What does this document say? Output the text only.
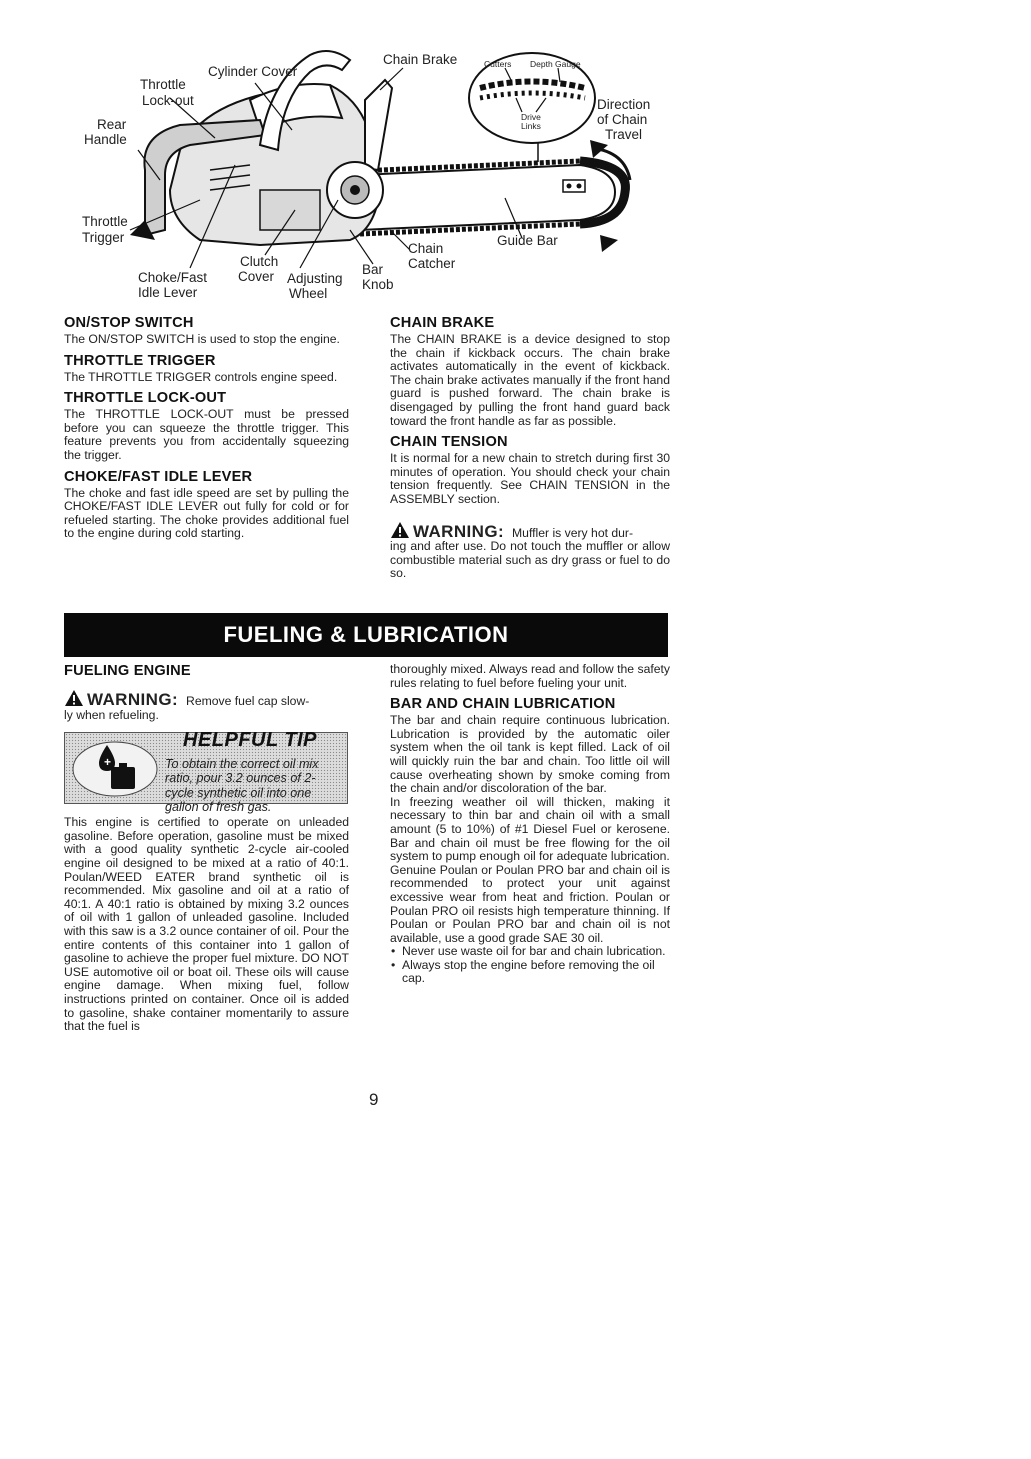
Cylinder Cover
Throttle
Lock-out
Rear
Handle
Throttle
Trigger
Clutch
Cover
Choke/Fast
Idle Lever
Adjusting
Wheel
Bar
Knob
Chain
Catcher
Guide Bar
Chain Brake
Direction
of Chain
Travel
Cutters Depth Gauge
Drive
Links
ON/STOP SWITCH

The ON/STOP SWITCH is used to stop the engine.

THROTTLE TRIGGER

The THROTTLE TRIGGER controls engine speed.

THROTTLE LOCK-OUT

The THROTTLE LOCK-OUT must be pressed before you can squeeze the throttle trigger. This feature prevents you from accidentally squeezing the trigger.

CHOKE/FAST IDLE LEVER

The choke and fast idle speed are set by pulling the CHOKE/FAST IDLE LEVER out fully for cold or for refueled starting. The choke provides additional fuel to the engine during cold starting.

CHAIN BRAKE

The CHAIN BRAKE is a device designed to stop the chain if kickback occurs. The chain brake activates automatically in the event of kickback. The chain brake activates manually if the front hand guard is pushed forward. The chain brake is disengaged by pulling the front hand guard back toward the front handle as far as possible.

CHAIN TENSION

It is normal for a new chain to stretch during first 30 minutes of operation. You should check your chain tension frequently. See CHAIN TENSION in the ASSEMBLY section.

WARNING: Muffler is very hot dur-

ing and after use. Do not touch the muffler or allow combustible material such as dry grass or fuel to do so.

FUELING & LUBRICATION
FUELING ENGINE
WARNING: Remove fuel cap slow-

ly when refueling.

+
HELPFUL TIP
To obtain the correct oil mix ratio, pour 3.2 ounces of 2-cycle synthetic oil into one gallon of fresh gas.

This engine is certified to operate on unleaded gasoline. Before operation, gasoline must be mixed with a good quality synthetic 2-cycle air-cooled engine oil designed to be mixed at a ratio of 40:1. Poulan/WEED EATER brand synthetic oil is recommended. Mix gasoline and oil at a ratio of 40:1. A 40:1 ratio is obtained by mixing 3.2 ounces of oil with 1 gallon of unleaded gasoline. Included with this saw is a 3.2 ounce container of oil. Pour the entire contents of this container into 1 gallon of gasoline to achieve the proper fuel mixture. DO NOT USE automotive oil or boat oil. These oils will cause engine damage. When mixing fuel, follow instructions printed on container. Once oil is added to gasoline, shake container momentarily to assure that the fuel is

thoroughly mixed. Always read and follow the safety rules relating to fuel before fueling your unit.

BAR AND CHAIN LUBRICATION

The bar and chain require continuous lubrication. Lubrication is provided by the automatic oiler system when the oil tank is kept filled. Lack of oil will quickly ruin the bar and chain. Too little oil will cause overheating shown by smoke coming from the chain and/or discoloration of the bar.

In freezing weather oil will thicken, making it necessary to thin bar and chain oil with a small amount (5 to 10%) of #1 Diesel Fuel or kerosene. Bar and chain oil must be free flowing for the oil system to pump enough oil for adequate lubrication.

Genuine Poulan or Poulan PRO bar and chain oil is recommended to protect your unit against excessive wear from heat and friction. Poulan or Poulan PRO oil resists high temperature thinning. If Poulan or Poulan PRO bar and chain oil is not available, use a good grade SAE 30 oil.

• Never use waste oil for bar and chain lubrication.
• Always stop the engine before removing the oil cap.
9
